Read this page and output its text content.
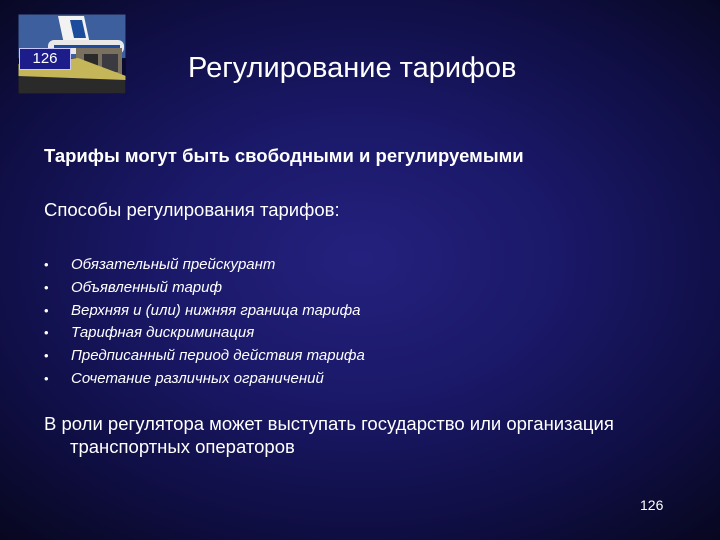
126	Регулирование тарифов
Тарифы могут быть свободными и регулируемыми
Способы регулирования тарифов:
• Обязательный прейскурант
• Объявленный тариф
• Верхняя и (или) нижняя граница тарифа
• Тарифная дискриминация
• Предписанный период действия тарифа
• Сочетание различных ограничений
В роли регулятора может выступать государство или организация
транспортных операторов
126
